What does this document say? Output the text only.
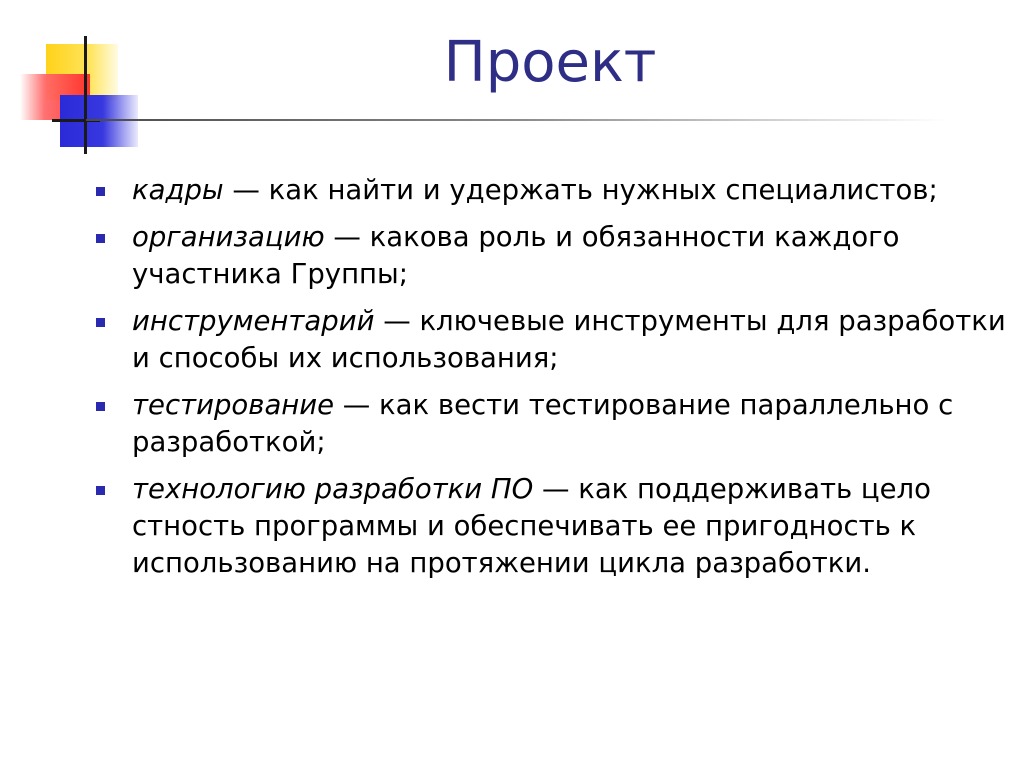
Проект
кадры — как найти и удержать нужных специалистов;
организацию — какова роль и обязанности каждого участника Группы;
инструментарий — ключевые инструменты для разработки и способы их использования;
тестирование — как вести тестирование параллельно с разработкой;
технологию разработки ПО — как поддерживать цело стность программы и обеспечивать ее пригодность к использованию на протяжении цикла разработки.
